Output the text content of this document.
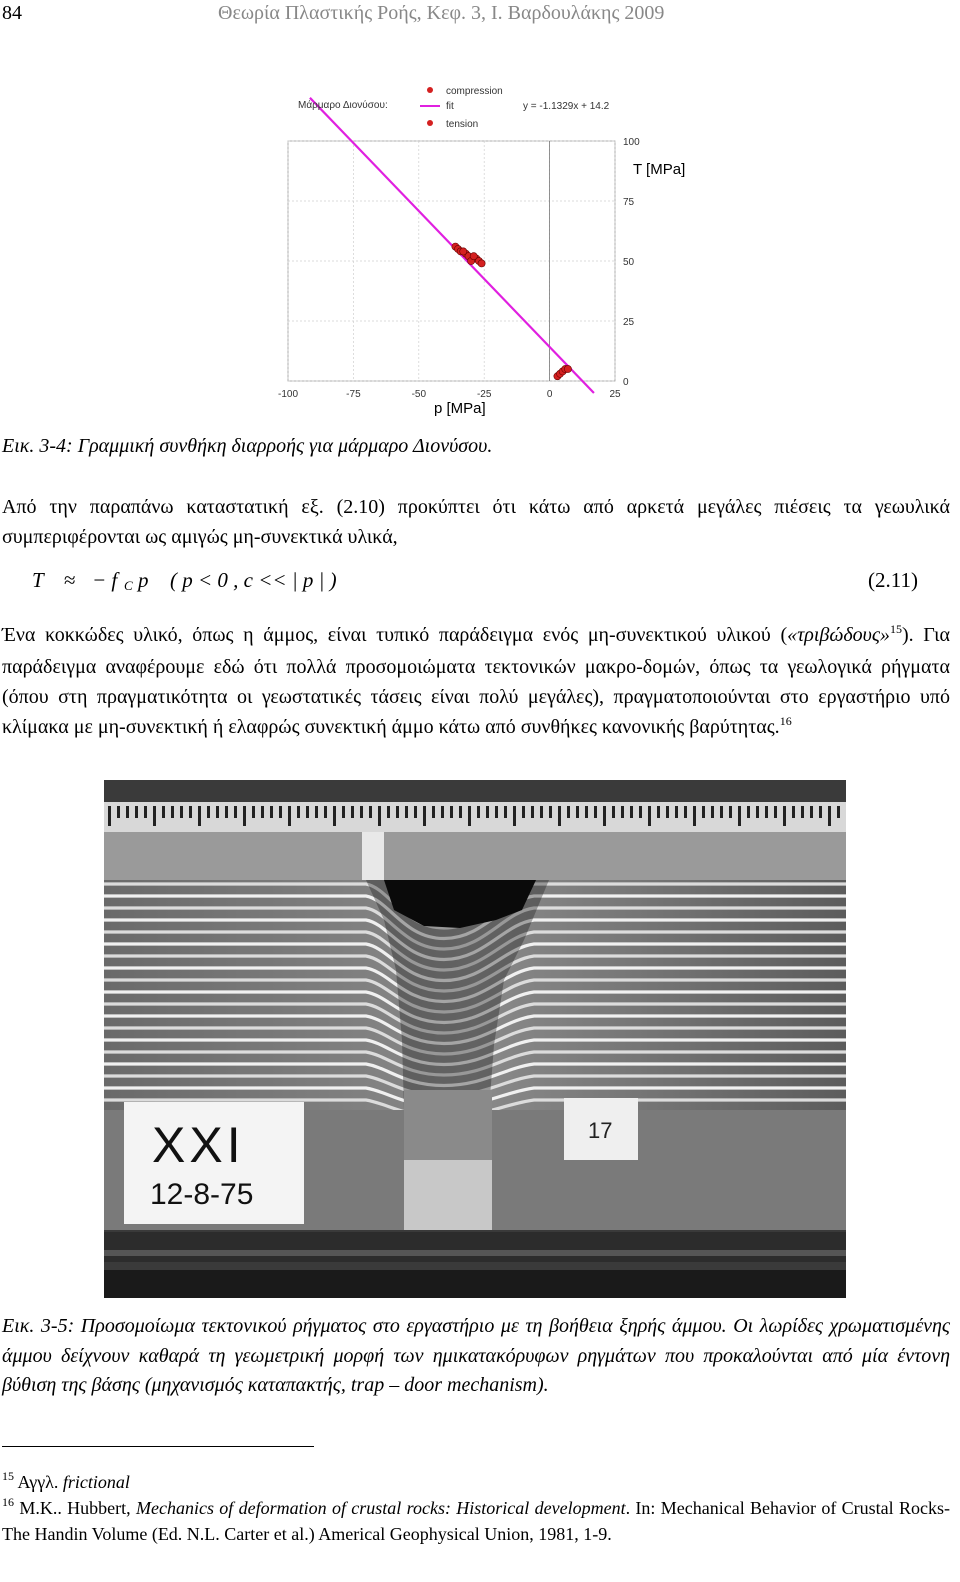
84	Θεωρία Πλαστικής Ροής, Κεφ. 3, Ι. Βαρδουλάκης 2009
Μάρμαρο Διονύσου:
compression
fit	y = -1.1329x + 14.2
tension
-100	-75	-50	-25	0	25
0
25
50
75
100
T [MPa]
p [MPa]
Εικ. 3-4: Γραμμική συνθήκη διαρροής για μάρμαρο Διονύσου.
Από την παραπάνω καταστατική εξ. (2.10) προκύπτει ότι κάτω από αρκετά μεγάλες πιέσεις τα γεωυλικά συμπεριφέρονται ως αμιγώς μη-συνεκτικά υλικά,
T ≈ − f C p ( p < 0 , c << | p | )	(2.11)
Ένα κοκκώδες υλικό, όπως η άμμος, είναι τυπικό παράδειγμα ενός μη-συνεκτικού υλικού («τριβώδους»$^{15}$). Για παράδειγμα αναφέρουμε εδώ ότι πολλά προσομοιώματα τεκτονικών μακρο-δομών, όπως τα γεωλογικά ρήγματα (όπου στη πραγματικότητα οι γεωστατικές τάσεις είναι πολύ μεγάλες), πραγματοποιούνται στο εργαστήριο υπό κλίμακα με μη-συνεκτική ή ελαφρώς συνεκτική άμμο κάτω από συνθήκες κανονικής βαρύτητας.$^{16}$
XXI
12-8-75
17
Εικ. 3-5: Προσομοίωμα τεκτονικού ρήγματος στο εργαστήριο με τη βοήθεια ξηρής άμμου. Οι λωρίδες χρωματισμένης άμμου δείχνουν καθαρά τη γεωμετρική μορφή των ημικατακόρυφων ρηγμάτων που προκαλούνται από μία έντονη βύθιση της βάσης (μηχανισμός καταπακτής, trap – door mechanism).
$^{15}$ Αγγλ. frictional
$^{16}$ M.K.. Hubbert, Mechanics of deformation of crustal rocks: Historical development. In: Mechanical Behavior of Crustal Rocks-The Handin Volume (Ed. N.L. Carter et al.) Americal Geophysical Union, 1981, 1-9.
